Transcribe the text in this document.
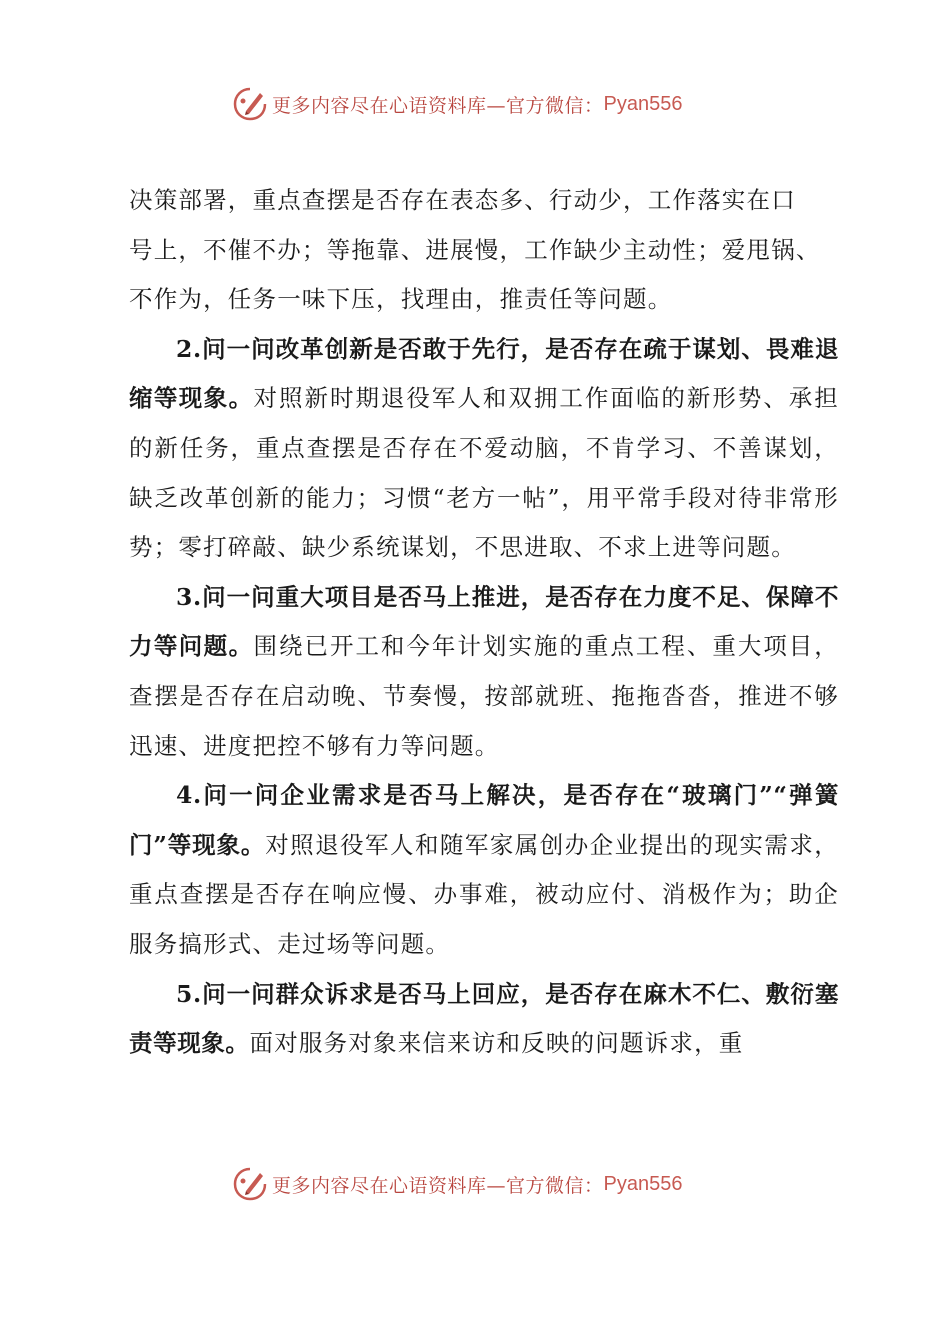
更多内容尽在心语资料库—官方微信： Pyan556

决策部署，重点查摆是否存在表态多、行动少，工作落实在口
号上，不催不办；等拖靠、进展慢，工作缺少主动性；爱甩锅、
不作为，任务一味下压，找理由，推责任等问题。

2.问一问改革创新是否敢于先行，是否存在疏于谋划、畏难退缩等现象。对照新时期退役军人和双拥工作面临的新形势、承担的新任务，重点查摆是否存在不爱动脑，不肯学习、不善谋划，缺乏改革创新的能力；习惯“老方一帖”，用平常手段对待非常形势；零打碎敲、缺少系统谋划，不思进取、不求上进等问题。

3.问一问重大项目是否马上推进，是否存在力度不足、保障不力等问题。围绕已开工和今年计划实施的重点工程、重大项目，查摆是否存在启动晚、节奏慢，按部就班、拖拖沓沓，推进不够迅速、进度把控不够有力等问题。

4.问一问企业需求是否马上解决，是否存在“玻璃门”“弹簧门”等现象。对照退役军人和随军家属创办企业提出的现实需求，重点查摆是否存在响应慢、办事难，被动应付、消极作为；助企服务搞形式、走过场等问题。

5.问一问群众诉求是否马上回应，是否存在麻木不仁、敷衍塞责等现象。面对服务对象来信来访和反映的问题诉求，重

更多内容尽在心语资料库—官方微信： Pyan556
